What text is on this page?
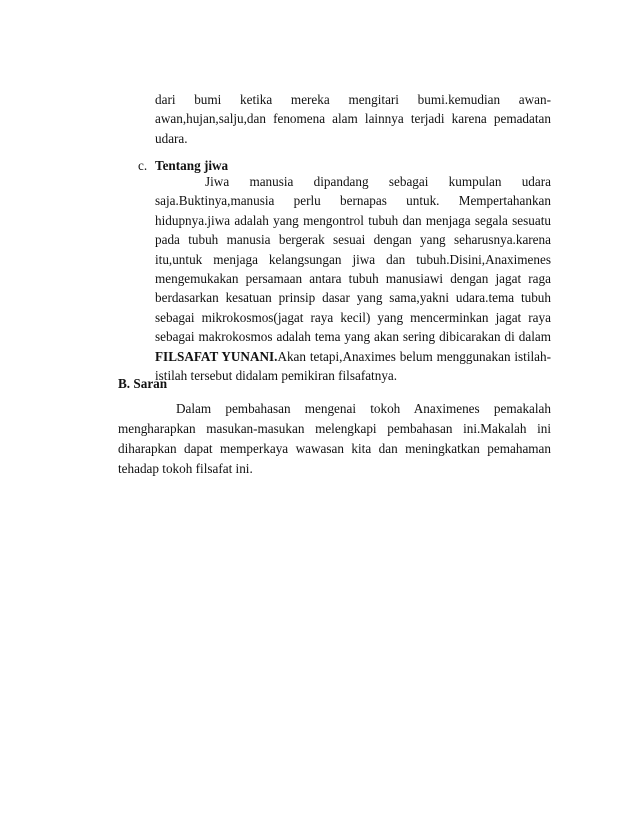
dari bumi ketika mereka mengitari bumi.kemudian awan-awan,hujan,salju,dan fenomena alam lainnya terjadi karena pemadatan udara.

c. Tentang jiwa

Jiwa manusia dipandang sebagai kumpulan udara saja.Buktinya,manusia perlu bernapas untuk. Mempertahankan hidupnya.jiwa adalah yang mengontrol tubuh dan menjaga segala sesuatu pada tubuh manusia bergerak sesuai dengan yang seharusnya.karena itu,untuk menjaga kelangsungan jiwa dan tubuh.Disini,Anaximenes mengemukakan persamaan antara tubuh manusiawi dengan jagat raga berdasarkan kesatuan prinsip dasar yang sama,yakni udara.tema tubuh sebagai mikrokosmos(jagat raya kecil) yang mencerminkan jagat raya sebagai makrokosmos adalah tema yang akan sering dibicarakan di dalam FILSAFAT YUNANI.Akan tetapi,Anaximes belum menggunakan istilah-istilah tersebut didalam pemikiran filsafatnya.

B. Saran

Dalam pembahasan mengenai tokoh Anaximenes pemakalah mengharapkan masukan-masukan melengkapi pembahasan ini.Makalah ini diharapkan dapat memperkaya wawasan kita dan meningkatkan pemahaman tehadap tokoh filsafat ini.
